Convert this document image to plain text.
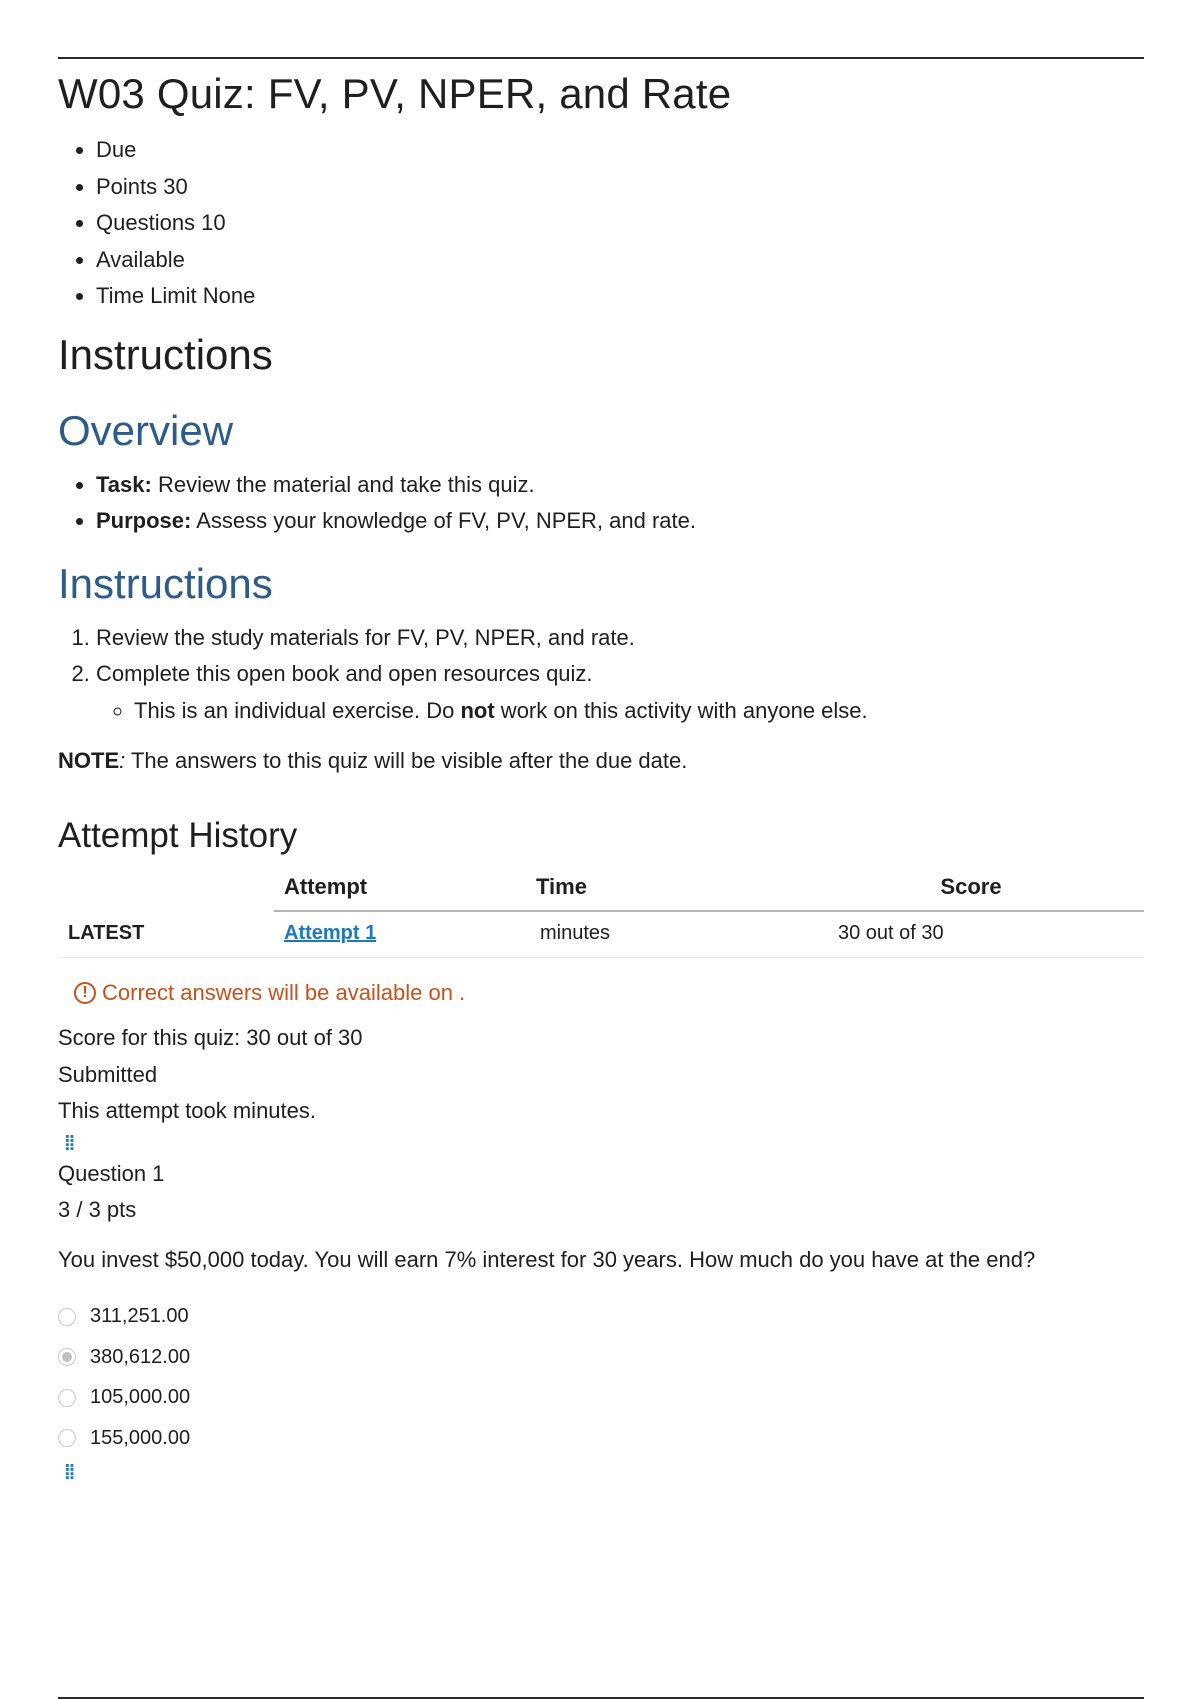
W03 Quiz: FV, PV, NPER, and Rate
• Due
• Points 30
• Questions 10
• Available
• Time Limit None
Instructions
Overview
• Task: Review the material and take this quiz.
• Purpose: Assess your knowledge of FV, PV, NPER, and rate.
Instructions
1. Review the study materials for FV, PV, NPER, and rate.
2. Complete this open book and open resources quiz.
◦ This is an individual exercise. Do not work on this activity with anyone else.

NOTE: The answers to this quiz will be visible after the due date.

Attempt History
	Attempt	Time	Score
LATEST	Attempt 1	minutes	30 out of 30
! Correct answers will be available on .
Score for this quiz: 30 out of 30
Submitted
This attempt took minutes.
⁞⁞
Question 1
3 / 3 pts
You invest $50,000 today. You will earn 7% interest for 30 years. How much do you have at the end?
311,251.00
380,612.00
105,000.00
155,000.00
⁞⁞
